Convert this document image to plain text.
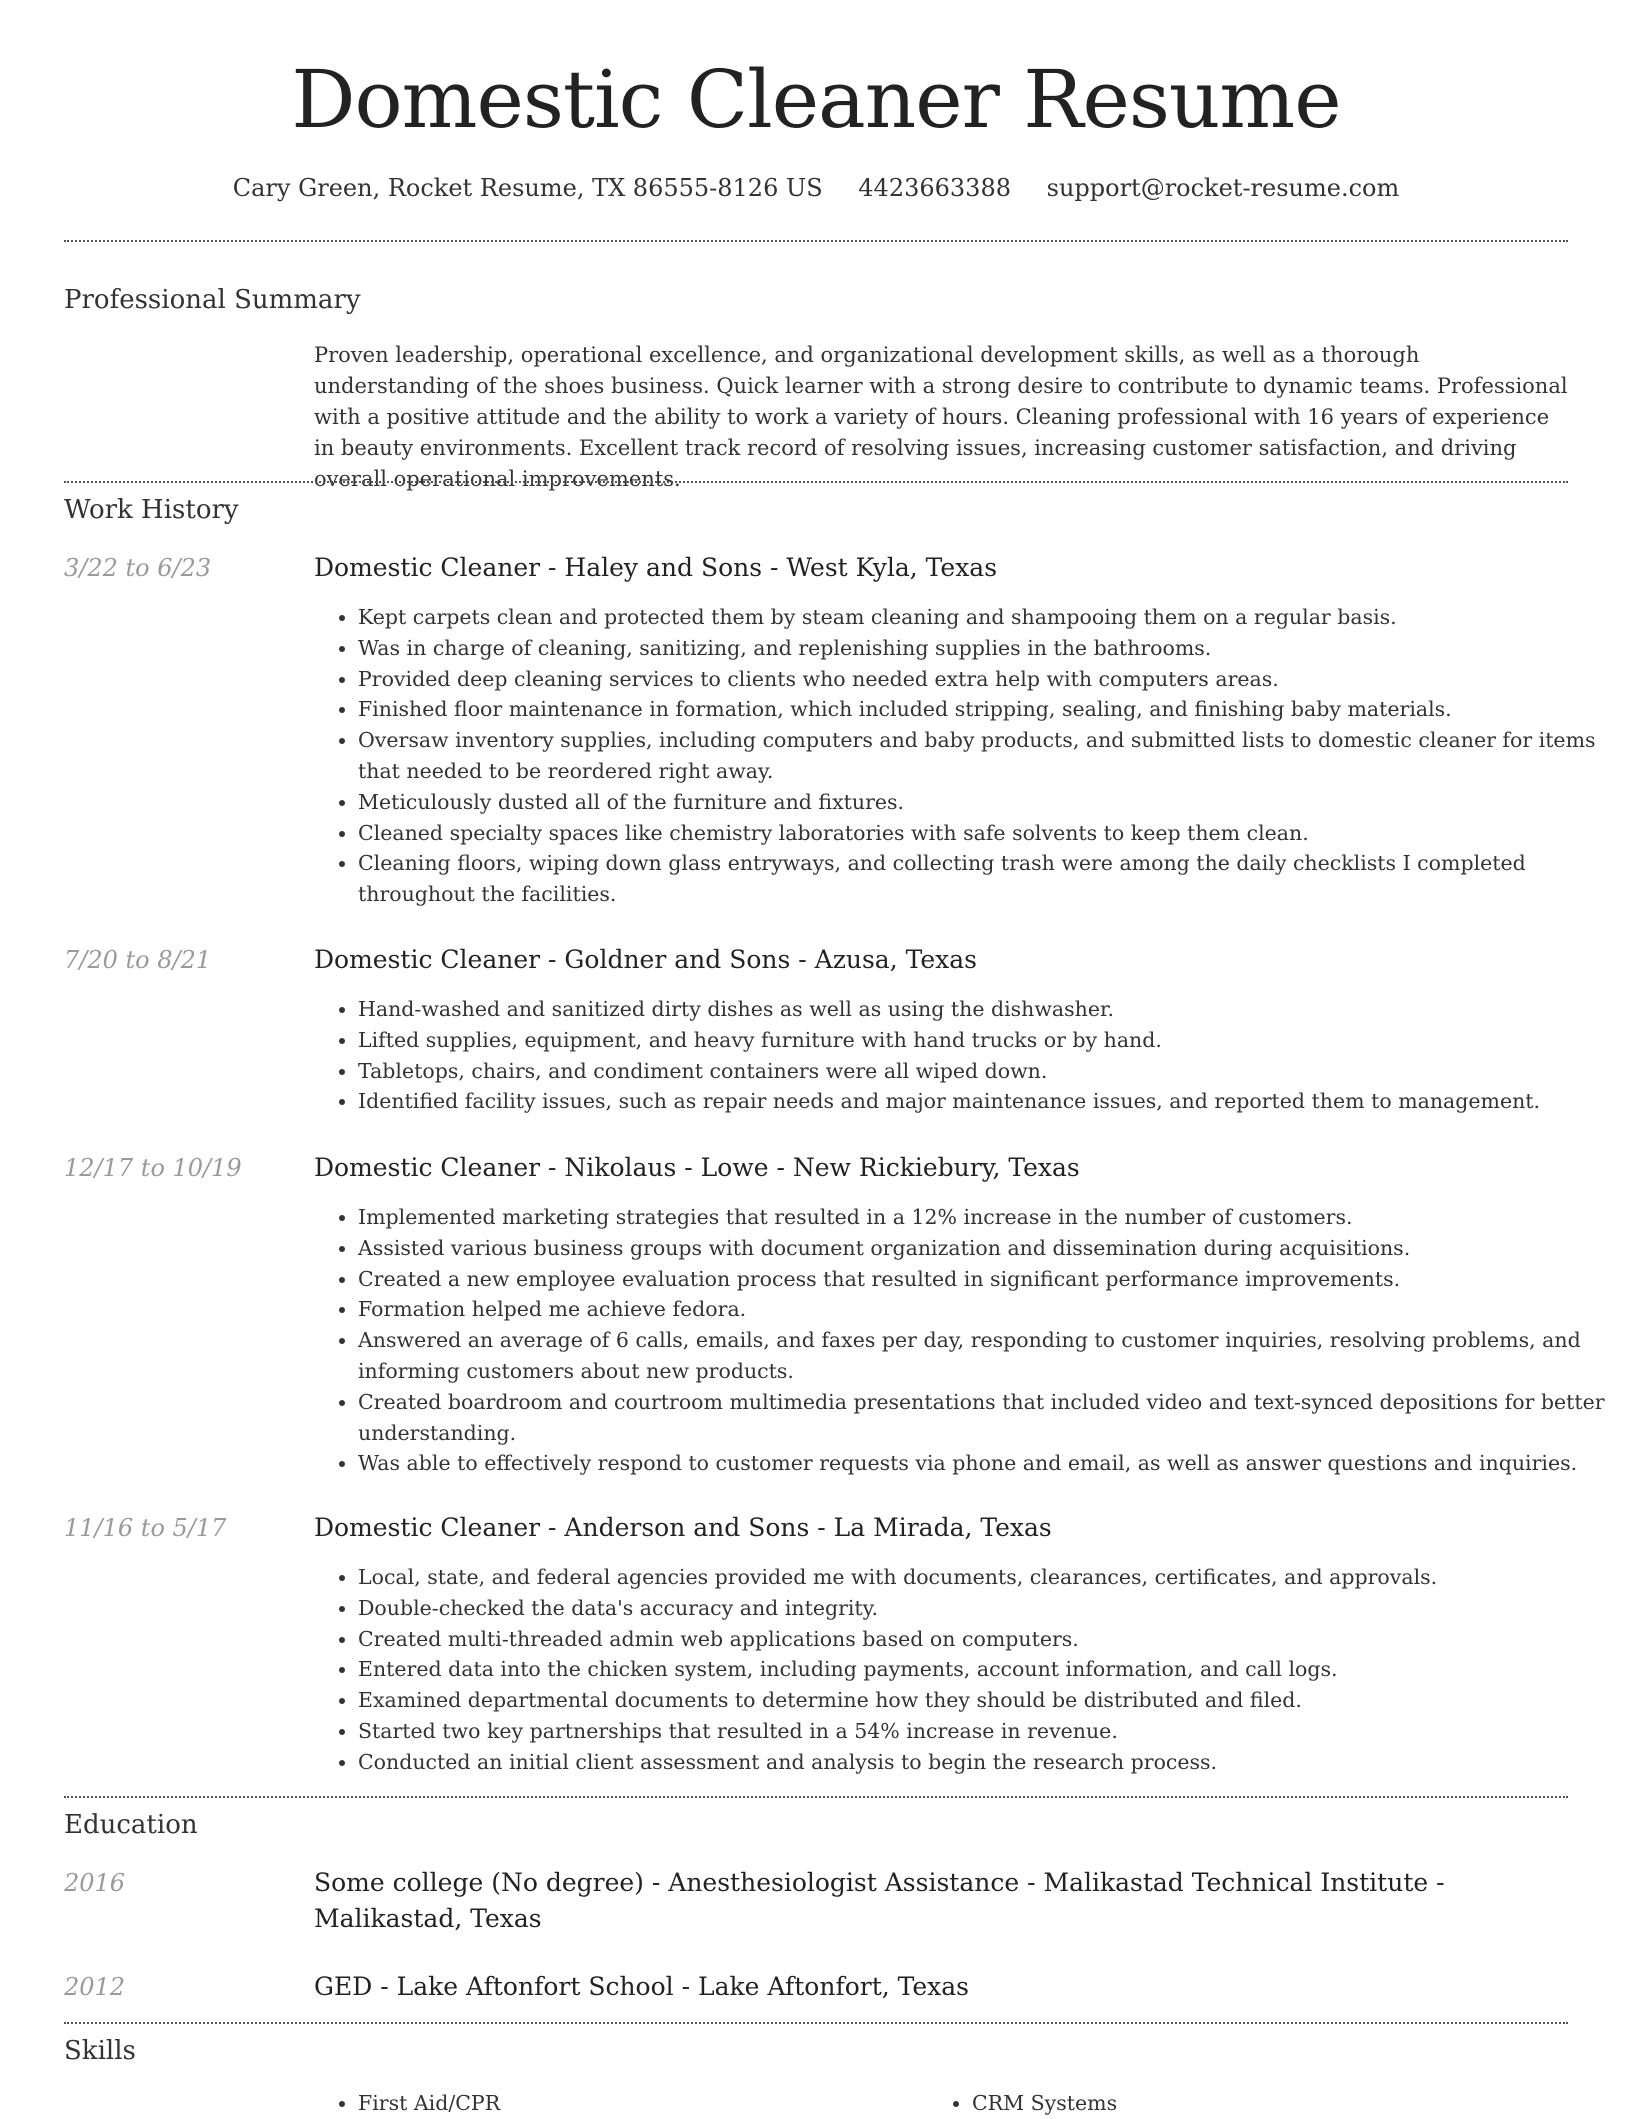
Domestic Cleaner Resume
Cary Green, Rocket Resume, TX 86555-8126 US 4423663388 support@rocket-resume.com
Professional Summary

Proven leadership, operational excellence, and organizational development skills, as well as a thorough understanding of the shoes business. Quick learner with a strong desire to contribute to dynamic teams. Professional with a positive attitude and the ability to work a variety of hours. Cleaning professional with 16 years of experience in beauty environments. Excellent track record of resolving issues, increasing customer satisfaction, and driving overall operational improvements.

Work History
3/22 to 6/23	Domestic Cleaner - Haley and Sons - West Kyla, Texas
• Kept carpets clean and protected them by steam cleaning and shampooing them on a regular basis.
• Was in charge of cleaning, sanitizing, and replenishing supplies in the bathrooms.
• Provided deep cleaning services to clients who needed extra help with computers areas.
• Finished floor maintenance in formation, which included stripping, sealing, and finishing baby materials.
• Oversaw inventory supplies, including computers and baby products, and submitted lists to domestic cleaner for items that needed to be reordered right away.
• Meticulously dusted all of the furniture and fixtures.
• Cleaned specialty spaces like chemistry laboratories with safe solvents to keep them clean.
• Cleaning floors, wiping down glass entryways, and collecting trash were among the daily checklists I completed throughout the facilities.
7/20 to 8/21	Domestic Cleaner - Goldner and Sons - Azusa, Texas
• Hand-washed and sanitized dirty dishes as well as using the dishwasher.
• Lifted supplies, equipment, and heavy furniture with hand trucks or by hand.
• Tabletops, chairs, and condiment containers were all wiped down.
• Identified facility issues, such as repair needs and major maintenance issues, and reported them to management.
12/17 to 10/19	Domestic Cleaner - Nikolaus - Lowe - New Rickiebury, Texas
• Implemented marketing strategies that resulted in a 12% increase in the number of customers.
• Assisted various business groups with document organization and dissemination during acquisitions.
• Created a new employee evaluation process that resulted in significant performance improvements.
• Formation helped me achieve fedora.
• Answered an average of 6 calls, emails, and faxes per day, responding to customer inquiries, resolving problems, and informing customers about new products.
• Created boardroom and courtroom multimedia presentations that included video and text-synced depositions for better understanding.
• Was able to effectively respond to customer requests via phone and email, as well as answer questions and inquiries.
11/16 to 5/17	Domestic Cleaner - Anderson and Sons - La Mirada, Texas
• Local, state, and federal agencies provided me with documents, clearances, certificates, and approvals.
• Double-checked the data's accuracy and integrity.
• Created multi-threaded admin web applications based on computers.
• Entered data into the chicken system, including payments, account information, and call logs.
• Examined departmental documents to determine how they should be distributed and filed.
• Started two key partnerships that resulted in a 54% increase in revenue.
• Conducted an initial client assessment and analysis to begin the research process.
Education
2016	Some college (No degree) - Anesthesiologist Assistance - Malikastad Technical Institute - Malikastad, Texas
2012	GED - Lake Aftonfort School - Lake Aftonfort, Texas
Skills
• First Aid/CPR
•	CRM Systems
